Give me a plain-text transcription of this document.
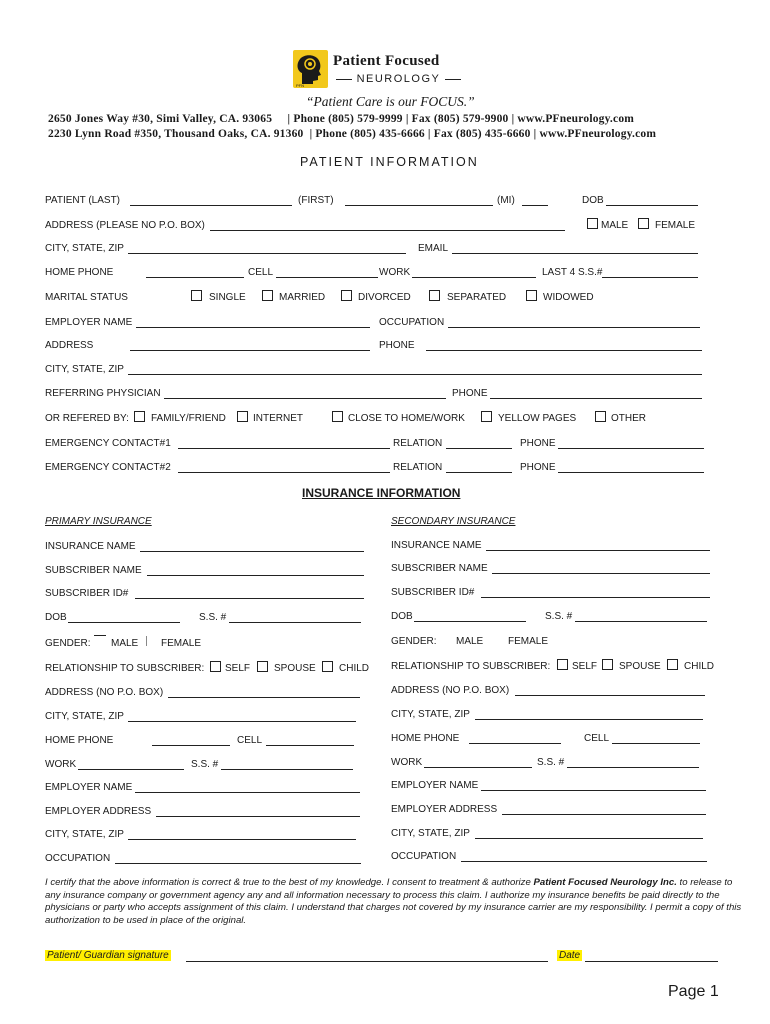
PFN
Patient Focused
NEUROLOGY
“Patient Care is our FOCUS.”
2650 Jones Way #30, Simi Valley, CA. 93065     | Phone (805) 579-9999 | Fax (805) 579-9900 | www.PFneurology.com
2230 Lynn Road #350, Thousand Oaks, CA. 91360  | Phone (805) 435-6666 | Fax (805) 435-6660 | www.PFneurology.com
PATIENT INFORMATION
PATIENT (LAST)	(FIRST)	(MI)	DOB
ADDRESS (PLEASE NO P.O. BOX)	MALE	FEMALE
CITY, STATE, ZIP	EMAIL
HOME PHONE	CELL	WORK	LAST 4 S.S.#
MARITAL STATUS	SINGLE	MARRIED	DIVORCED	SEPARATED	WIDOWED
EMPLOYER NAME	OCCUPATION
ADDRESS	PHONE
CITY, STATE, ZIP
REFERRING PHYSICIAN	PHONE
OR REFERED BY: FAMILY/FRIEND	INTERNET	CLOSE TO HOME/WORK	YELLOW PAGES	OTHER
EMERGENCY CONTACT#1	RELATION	PHONE
EMERGENCY CONTACT#2	RELATION	PHONE
INSURANCE INFORMATION
PRIMARY INSURANCE	SECONDARY INSURANCE
INSURANCE NAME
SUBSCRIBER NAME
SUBSCRIBER ID#
DOB	S.S. #
GENDER: MALE FEMALE
RELATIONSHIP TO SUBSCRIBER: SELF SPOUSE CHILD
ADDRESS (NO P.O. BOX)
CITY, STATE, ZIP
HOME PHONE	CELL
WORK	S.S. #
EMPLOYER NAME
EMPLOYER ADDRESS
CITY, STATE, ZIP
OCCUPATION
INSURANCE NAME
SUBSCRIBER NAME
SUBSCRIBER ID#
DOB	S.S. #
GENDER: MALE FEMALE
RELATIONSHIP TO SUBSCRIBER: SELF SPOUSE CHILD
ADDRESS (NO P.O. BOX)
CITY, STATE, ZIP
HOME PHONE	CELL
WORK	S.S. #
EMPLOYER NAME
EMPLOYER ADDRESS
CITY, STATE, ZIP
OCCUPATION
I certify that the above information is correct & true to the best of my knowledge. I consent to treatment & authorize Patient Focused Neurology Inc. to release to any insurance company or government agency any and all information necessary to process this claim. I authorize my insurance benefits be paid directly to the physicians or party who accepts assignment of this claim. I understand that charges not covered by my insurance carrier are my responsibility. I permit a copy of this authorization to be used in place of the original.
Patient/ Guardian signature	Date
Page 1
